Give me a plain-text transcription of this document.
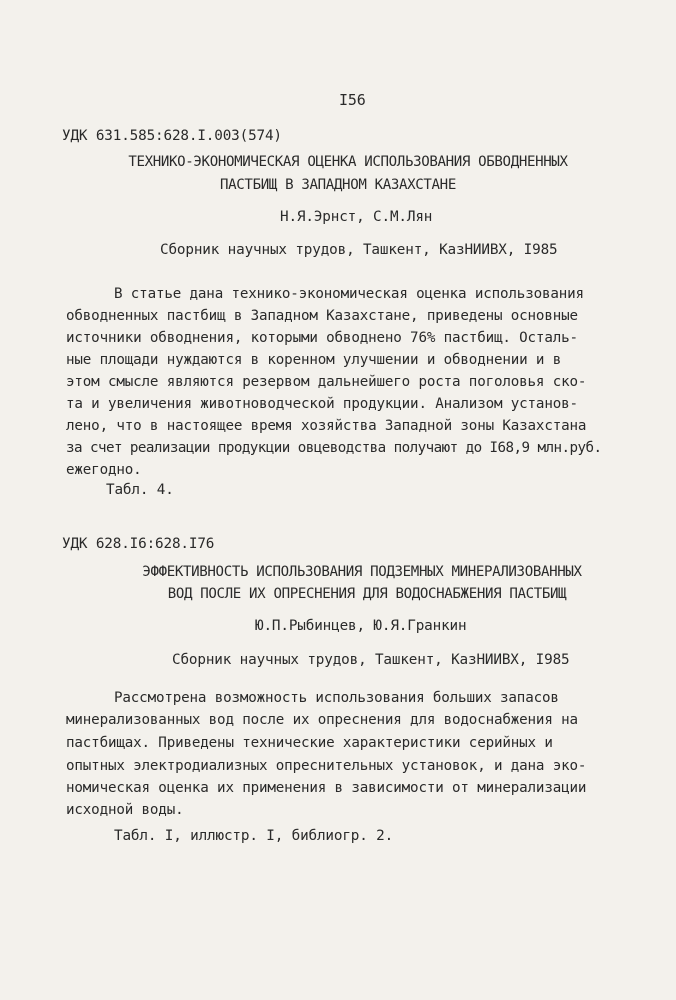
I56
УДК 631.585:628.I.003(574)
ТЕХНИКО-ЭКОНОМИЧЕСКАЯ ОЦЕНКА ИСПОЛЬЗОВАНИЯ ОБВОДНЕННЫХ
ПАСТБИЩ В ЗАПАДНОМ КАЗАХСТАНЕ
Н.Я.Эрнст, С.М.Лян
Сборник научных трудов, Ташкент, КазНИИВХ, I985
В статье дана технико-экономическая оценка использования
обводненных пастбищ в Западном Казахстане, приведены основные
источники обводнения, которыми обводнено 76% пастбищ. Осталь-
ные площади нуждаются в коренном улучшении и обводнении и в
этом смысле являются резервом дальнейшего роста поголовья ско-
та и увеличения животноводческой продукции. Анализом установ-
лено, что в настоящее время хозяйства Западной зоны Казахстана
за счет реализации продукции овцеводства получают до I68,9 млн.руб.
ежегодно.
Табл. 4.
УДК 628.I6:628.I76
ЭФФЕКТИВНОСТЬ ИСПОЛЬЗОВАНИЯ ПОДЗЕМНЫХ МИНЕРАЛИЗОВАННЫХ
ВОД ПОСЛЕ ИХ ОПРЕСНЕНИЯ ДЛЯ ВОДОСНАБЖЕНИЯ ПАСТБИЩ
Ю.П.Рыбинцев, Ю.Я.Гранкин
Сборник научных трудов, Ташкент, КазНИИВХ, I985
Рассмотрена возможность использования больших запасов
минерализованных вод после их опреснения для водоснабжения на
пастбищах. Приведены технические характеристики серийных и
опытных электродиализных опреснительных установок, и дана эко-
номическая оценка их применения в зависимости от минерализации
исходной воды.
Табл. I, иллюстр. I, библиогр. 2.
